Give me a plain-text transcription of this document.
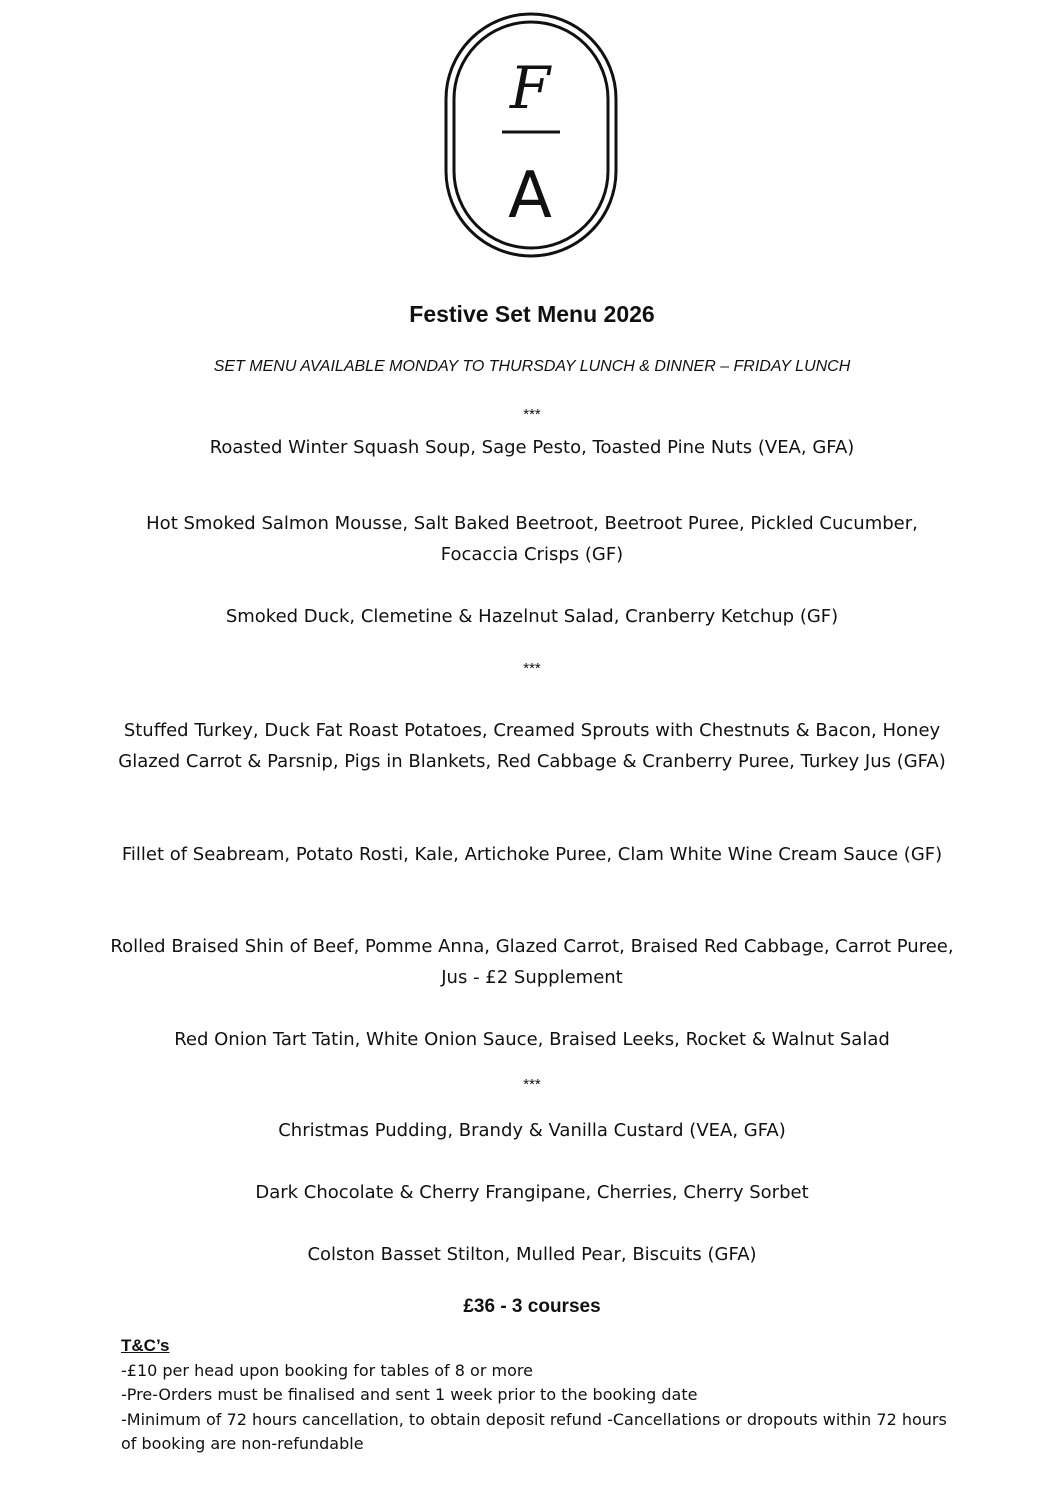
F
A
Festive Set Menu 2026

SET MENU AVAILABLE MONDAY TO THURSDAY LUNCH & DINNER – FRIDAY LUNCH

***

Roasted Winter Squash Soup, Sage Pesto, Toasted Pine Nuts (VEA, GFA)

Hot Smoked Salmon Mousse, Salt Baked Beetroot, Beetroot Puree, Pickled Cucumber, Focaccia Crisps (GF)

Smoked Duck, Clemetine & Hazelnut Salad, Cranberry Ketchup (GF)

***

Stuffed Turkey, Duck Fat Roast Potatoes, Creamed Sprouts with Chestnuts & Bacon, Honey Glazed Carrot & Parsnip, Pigs in Blankets, Red Cabbage & Cranberry Puree, Turkey Jus (GFA)

Fillet of Seabream, Potato Rosti, Kale, Artichoke Puree, Clam White Wine Cream Sauce (GF)

Rolled Braised Shin of Beef, Pomme Anna, Glazed Carrot, Braised Red Cabbage, Carrot Puree, Jus - £2 Supplement

Red Onion Tart Tatin, White Onion Sauce, Braised Leeks, Rocket & Walnut Salad

***

Christmas Pudding, Brandy & Vanilla Custard (VEA, GFA)

Dark Chocolate & Cherry Frangipane, Cherries, Cherry Sorbet

Colston Basset Stilton, Mulled Pear, Biscuits (GFA)

£36 - 3 courses
T&C’s
-£10 per head upon booking for tables of 8 or more
-Pre-Orders must be finalised and sent 1 week prior to the booking date
-Minimum of 72 hours cancellation, to obtain deposit refund -Cancellations or dropouts within 72 hours of booking are non-refundable
